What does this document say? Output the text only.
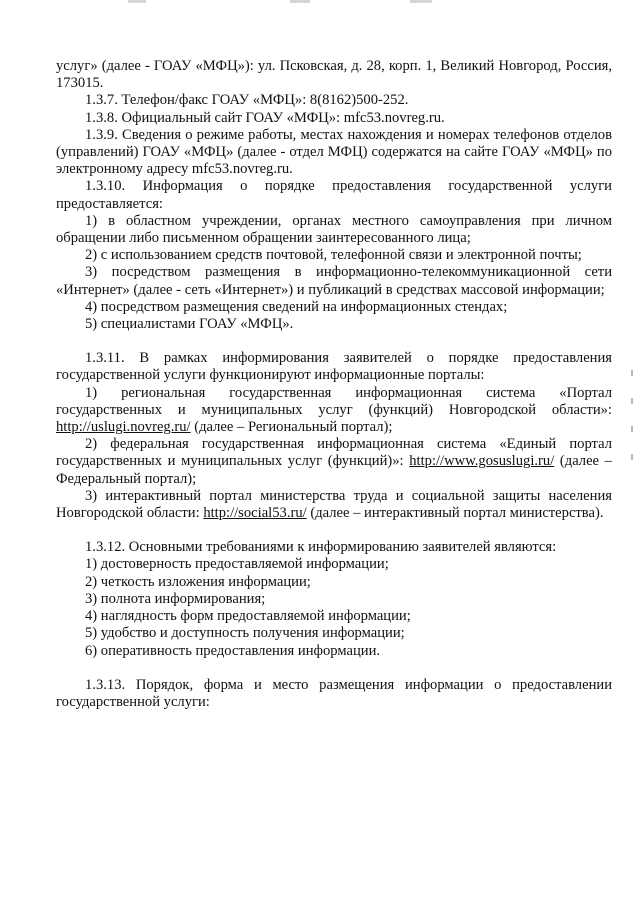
услуг» (далее - ГОАУ «МФЦ»): ул. Псковская, д. 28, корп. 1, Великий Новгород, Россия, 173015.

1.3.7. Телефон/факс ГОАУ «МФЦ»: 8(8162)500-252.

1.3.8. Официальный сайт ГОАУ «МФЦ»: mfc53.novreg.ru.

1.3.9. Сведения о режиме работы, местах нахождения и номерах телефонов отделов (управлений) ГОАУ «МФЦ» (далее - отдел МФЦ) содержатся на сайте ГОАУ «МФЦ» по электронному адресу mfc53.novreg.ru.

1.3.10. Информация о порядке предоставления государственной услуги предоставляется:

1) в областном учреждении, органах местного самоуправления при личном обращении либо письменном обращении заинтересованного лица;

2) с использованием средств почтовой, телефонной связи и электронной почты;

3) посредством размещения в информационно-телекоммуникационной сети «Интернет» (далее - сеть «Интернет») и публикаций в средствах массовой информации;

4) посредством размещения сведений на информационных стендах;

5) специалистами ГОАУ «МФЦ».

1.3.11. В рамках информирования заявителей о порядке предоставления государственной услуги функционируют информационные порталы:

1) региональная государственная информационная система «Портал государственных и муниципальных услуг (функций) Новгородской области»: http://uslugi.novreg.ru/ (далее – Региональный портал);

2) федеральная государственная информационная система «Единый портал государственных и муниципальных услуг (функций)»: http://www.gosuslugi.ru/ (далее – Федеральный портал);

3) интерактивный портал министерства труда и социальной защиты населения Новгородской области: http://social53.ru/ (далее – интерактивный портал министерства).

1.3.12. Основными требованиями к информированию заявителей являются:

1) достоверность предоставляемой информации;

2) четкость изложения информации;

3) полнота информирования;

4) наглядность форм предоставляемой информации;

5) удобство и доступность получения информации;

6) оперативность предоставления информации.

1.3.13. Порядок, форма и место размещения информации о предоставлении государственной услуги:
